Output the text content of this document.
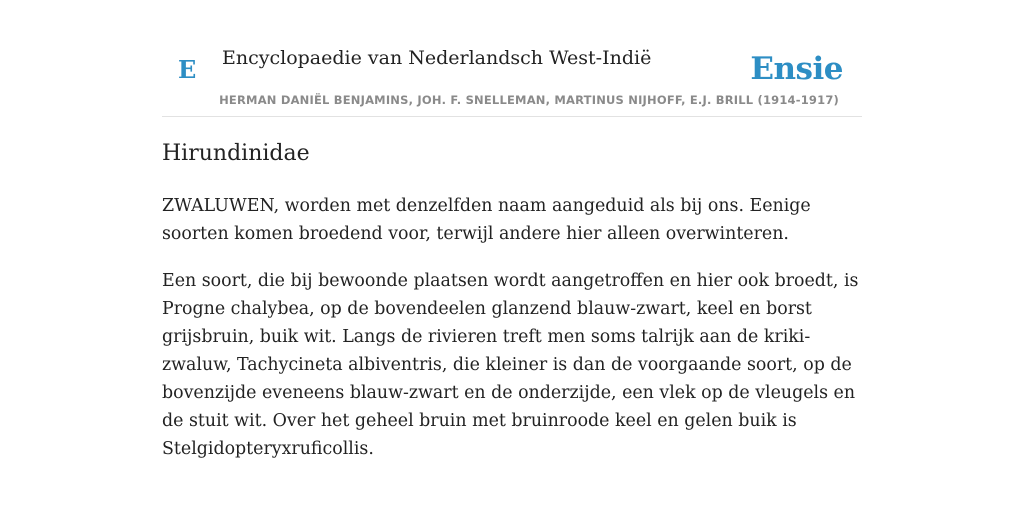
E Encyclopaedie van Nederlandsch West-Indië	Ensie
HERMAN DANIËL BENJAMINS, JOH. F. SNELLEMAN, MARTINUS NIJHOFF, E.J. BRILL (1914-1917)
Hirundinidae

ZWALUWEN, worden met denzelfden naam aangeduid als bij ons. Eenige soorten komen broedend voor, terwijl andere hier alleen overwinteren.

Een soort, die bij bewoonde plaatsen wordt aangetroffen en hier ook broedt, is Progne chalybea, op de bovendeelen glanzend blauw-zwart, keel en borst grijsbruin, buik wit. Langs de rivieren treft men soms talrijk aan de kriki-zwaluw, Tachycineta albiventris, die kleiner is dan de voorgaande soort, op de bovenzijde eveneens blauw-zwart en de onderzijde, een vlek op de vleugels en de stuit wit. Over het geheel bruin met bruinroode keel en gelen buik is Stelgidopteryxruficollis.
